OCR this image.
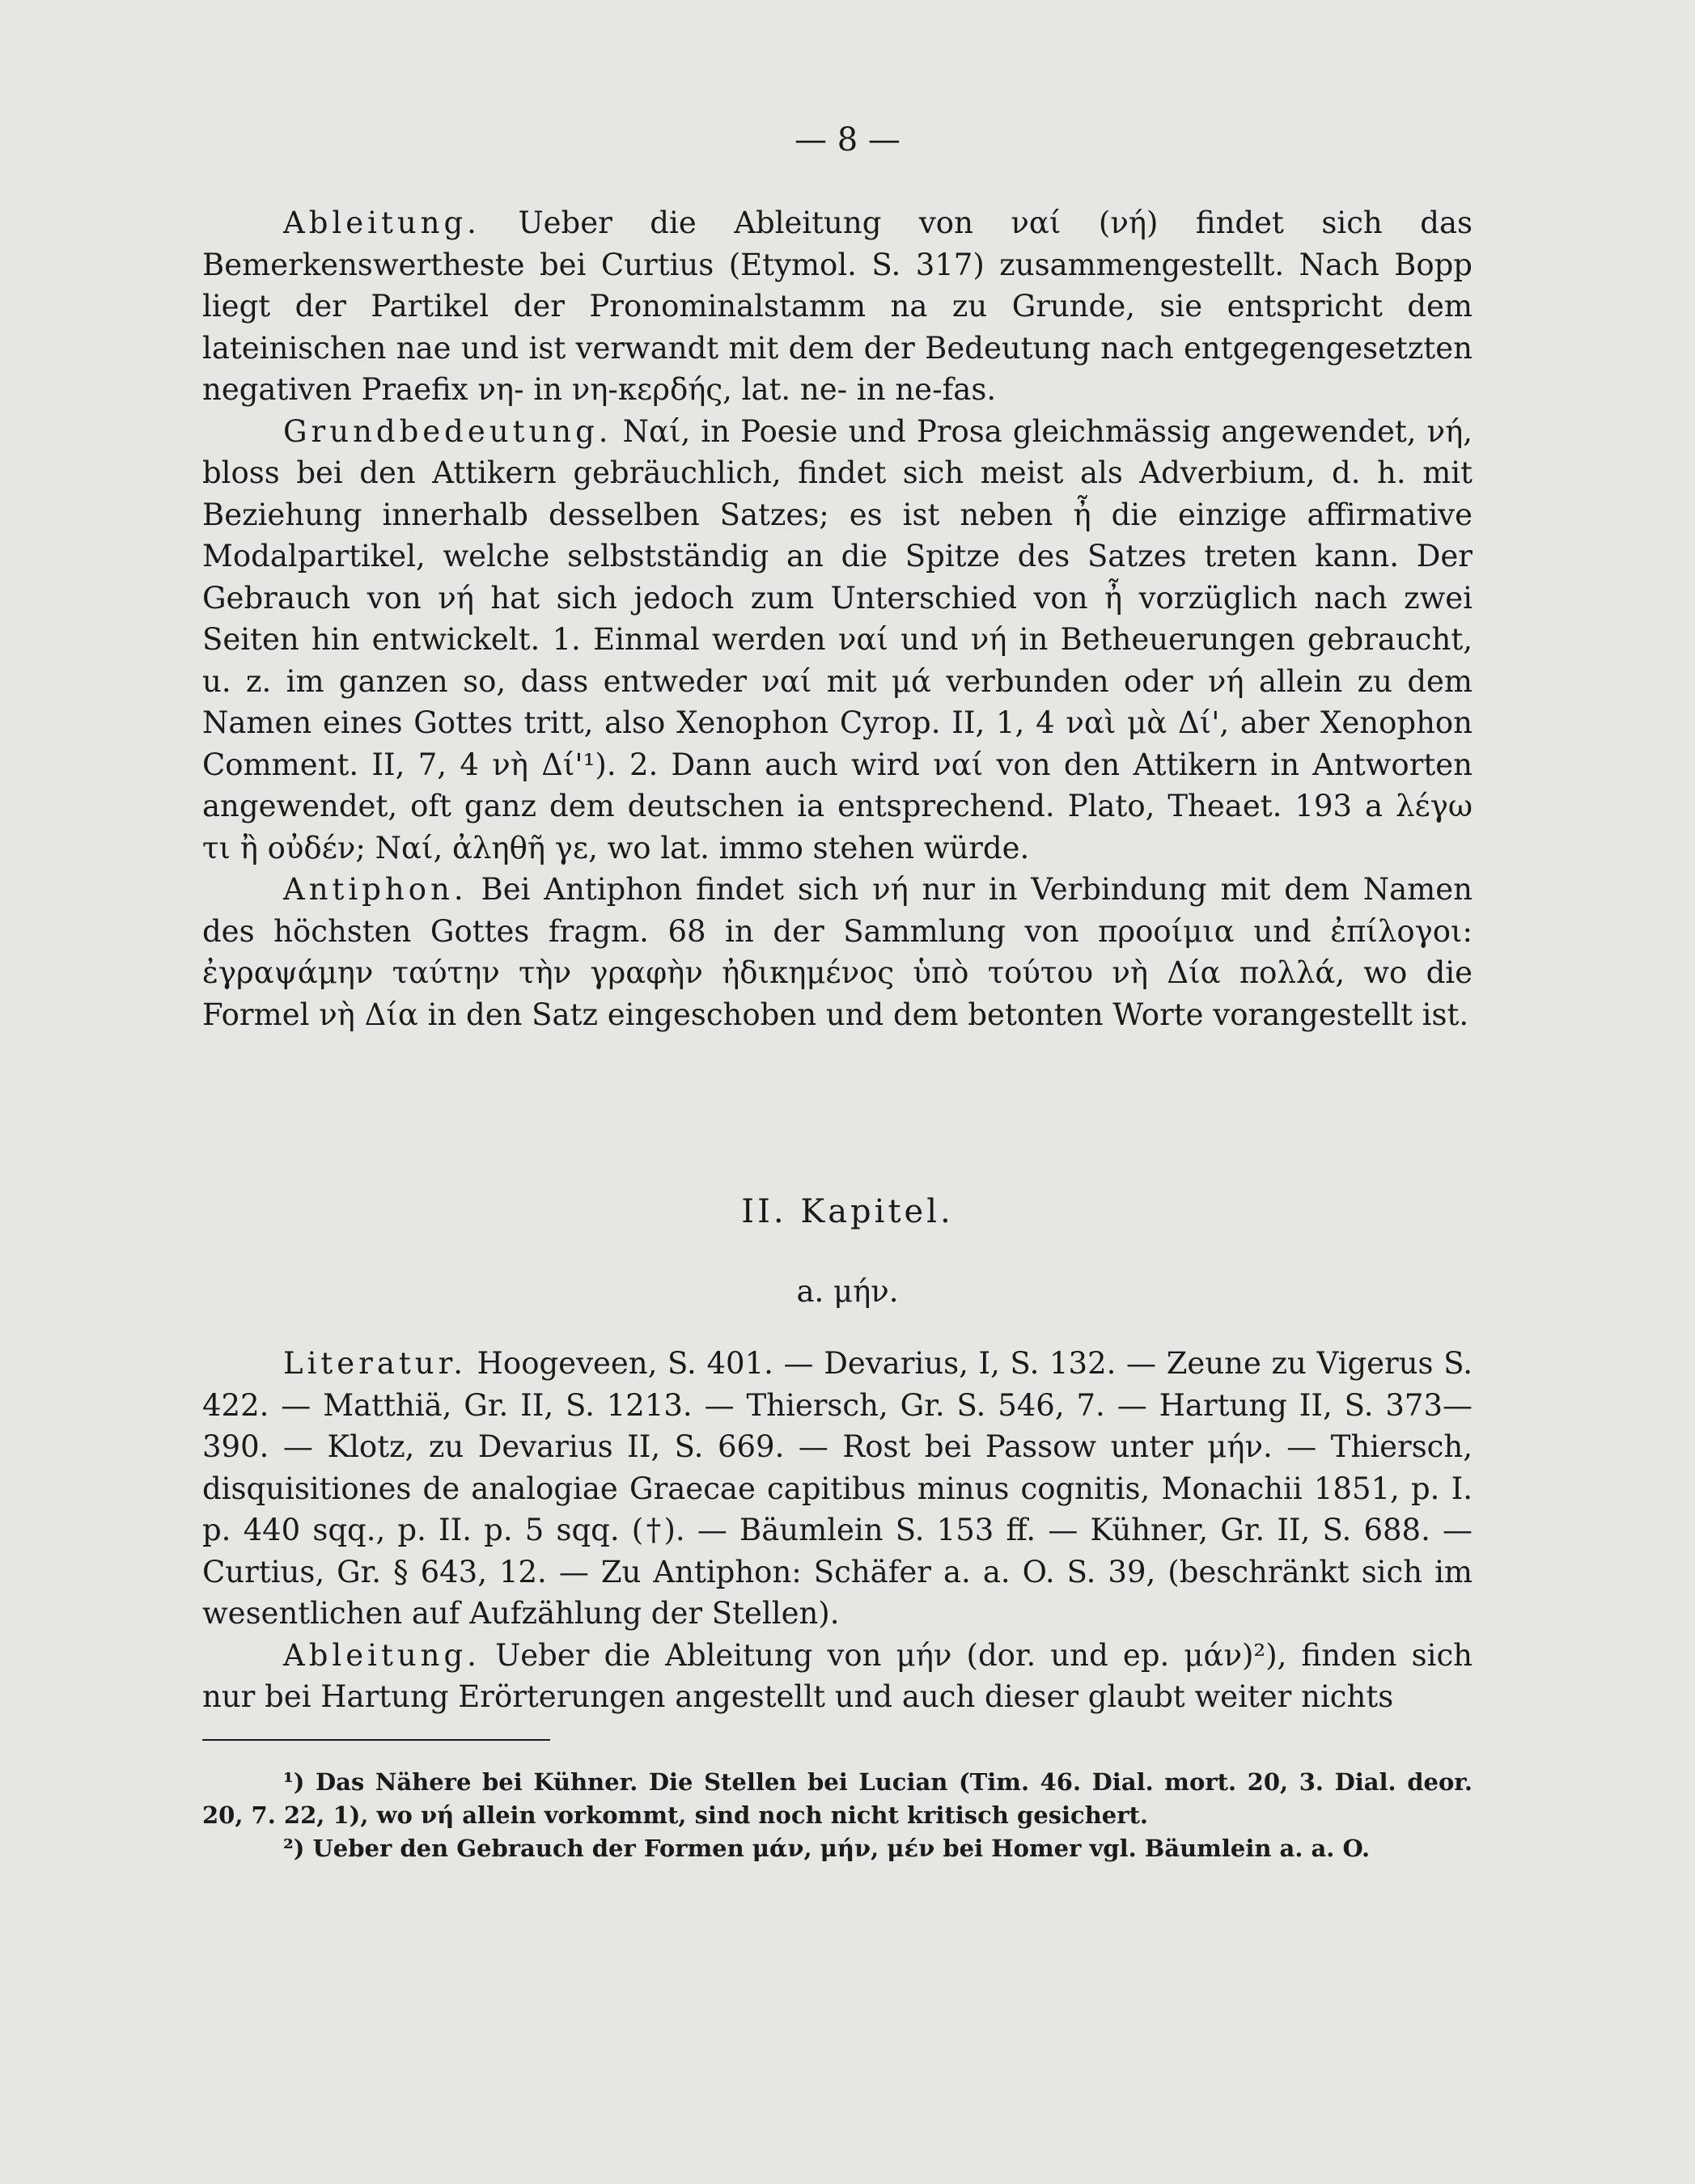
— 8 —

Ableitung. Ueber die Ableitung von ναί (νή) findet sich das Bemerkenswertheste bei Curtius (Etymol. S. 317) zusammengestellt. Nach Bopp liegt der Partikel der Pronominalstamm na zu Grunde, sie entspricht dem lateinischen nae und ist verwandt mit dem der Bedeutung nach entgegengesetzten negativen Praefix νη- in νη-κερδής, lat. ne- in ne-fas.

Grundbedeutung. Ναί, in Poesie und Prosa gleichmässig angewendet, νή, bloss bei den Attikern gebräuchlich, findet sich meist als Adverbium, d. h. mit Beziehung innerhalb desselben Satzes; es ist neben ἦ die einzige affirmative Modalpartikel, welche selbstständig an die Spitze des Satzes treten kann. Der Gebrauch von νή hat sich jedoch zum Unterschied von ἦ vorzüglich nach zwei Seiten hin entwickelt. 1. Einmal werden ναί und νή in Betheuerungen gebraucht, u. z. im ganzen so, dass entweder ναί mit μά verbunden oder νή allein zu dem Namen eines Gottes tritt, also Xenophon Cyrop. II, 1, 4 ναὶ μὰ Δί', aber Xenophon Comment. II, 7, 4 νὴ Δί'¹). 2. Dann auch wird ναί von den Attikern in Antworten angewendet, oft ganz dem deutschen ia entsprechend. Plato, Theaet. 193 a λέγω τι ἢ οὐδέν; Ναί, ἀληθῆ γε, wo lat. immo stehen würde.

Antiphon. Bei Antiphon findet sich νή nur in Verbindung mit dem Namen des höchsten Gottes fragm. 68 in der Sammlung von προοίμια und ἐπίλογοι: ἐγραψάμην ταύτην τὴν γραφὴν ἠδικημένος ὑπὸ τούτου νὴ Δία πολλά, wo die Formel νὴ Δία in den Satz eingeschoben und dem betonten Worte vorangestellt ist.

II. Kapitel.
a. μήν.

Literatur. Hoogeveen, S. 401. — Devarius, I, S. 132. — Zeune zu Vigerus S. 422. — Matthiä, Gr. II, S. 1213. — Thiersch, Gr. S. 546, 7. — Hartung II, S. 373—390. — Klotz, zu Devarius II, S. 669. — Rost bei Passow unter μήν. — Thiersch, disquisitiones de analogiae Graecae capitibus minus cognitis, Monachii 1851, p. I. p. 440 sqq., p. II. p. 5 sqq. (†). — Bäumlein S. 153 ff. — Kühner, Gr. II, S. 688. — Curtius, Gr. § 643, 12. — Zu Antiphon: Schäfer a. a. O. S. 39, (beschränkt sich im wesentlichen auf Aufzählung der Stellen).

Ableitung. Ueber die Ableitung von μήν (dor. und ep. μάν)²), finden sich nur bei Hartung Erörterungen angestellt und auch dieser glaubt weiter nichts

¹) Das Nähere bei Kühner. Die Stellen bei Lucian (Tim. 46. Dial. mort. 20, 3. Dial. deor. 20, 7. 22, 1), wo νή allein vorkommt, sind noch nicht kritisch gesichert.

²) Ueber den Gebrauch der Formen μάν, μήν, μέν bei Homer vgl. Bäumlein a. a. O.
